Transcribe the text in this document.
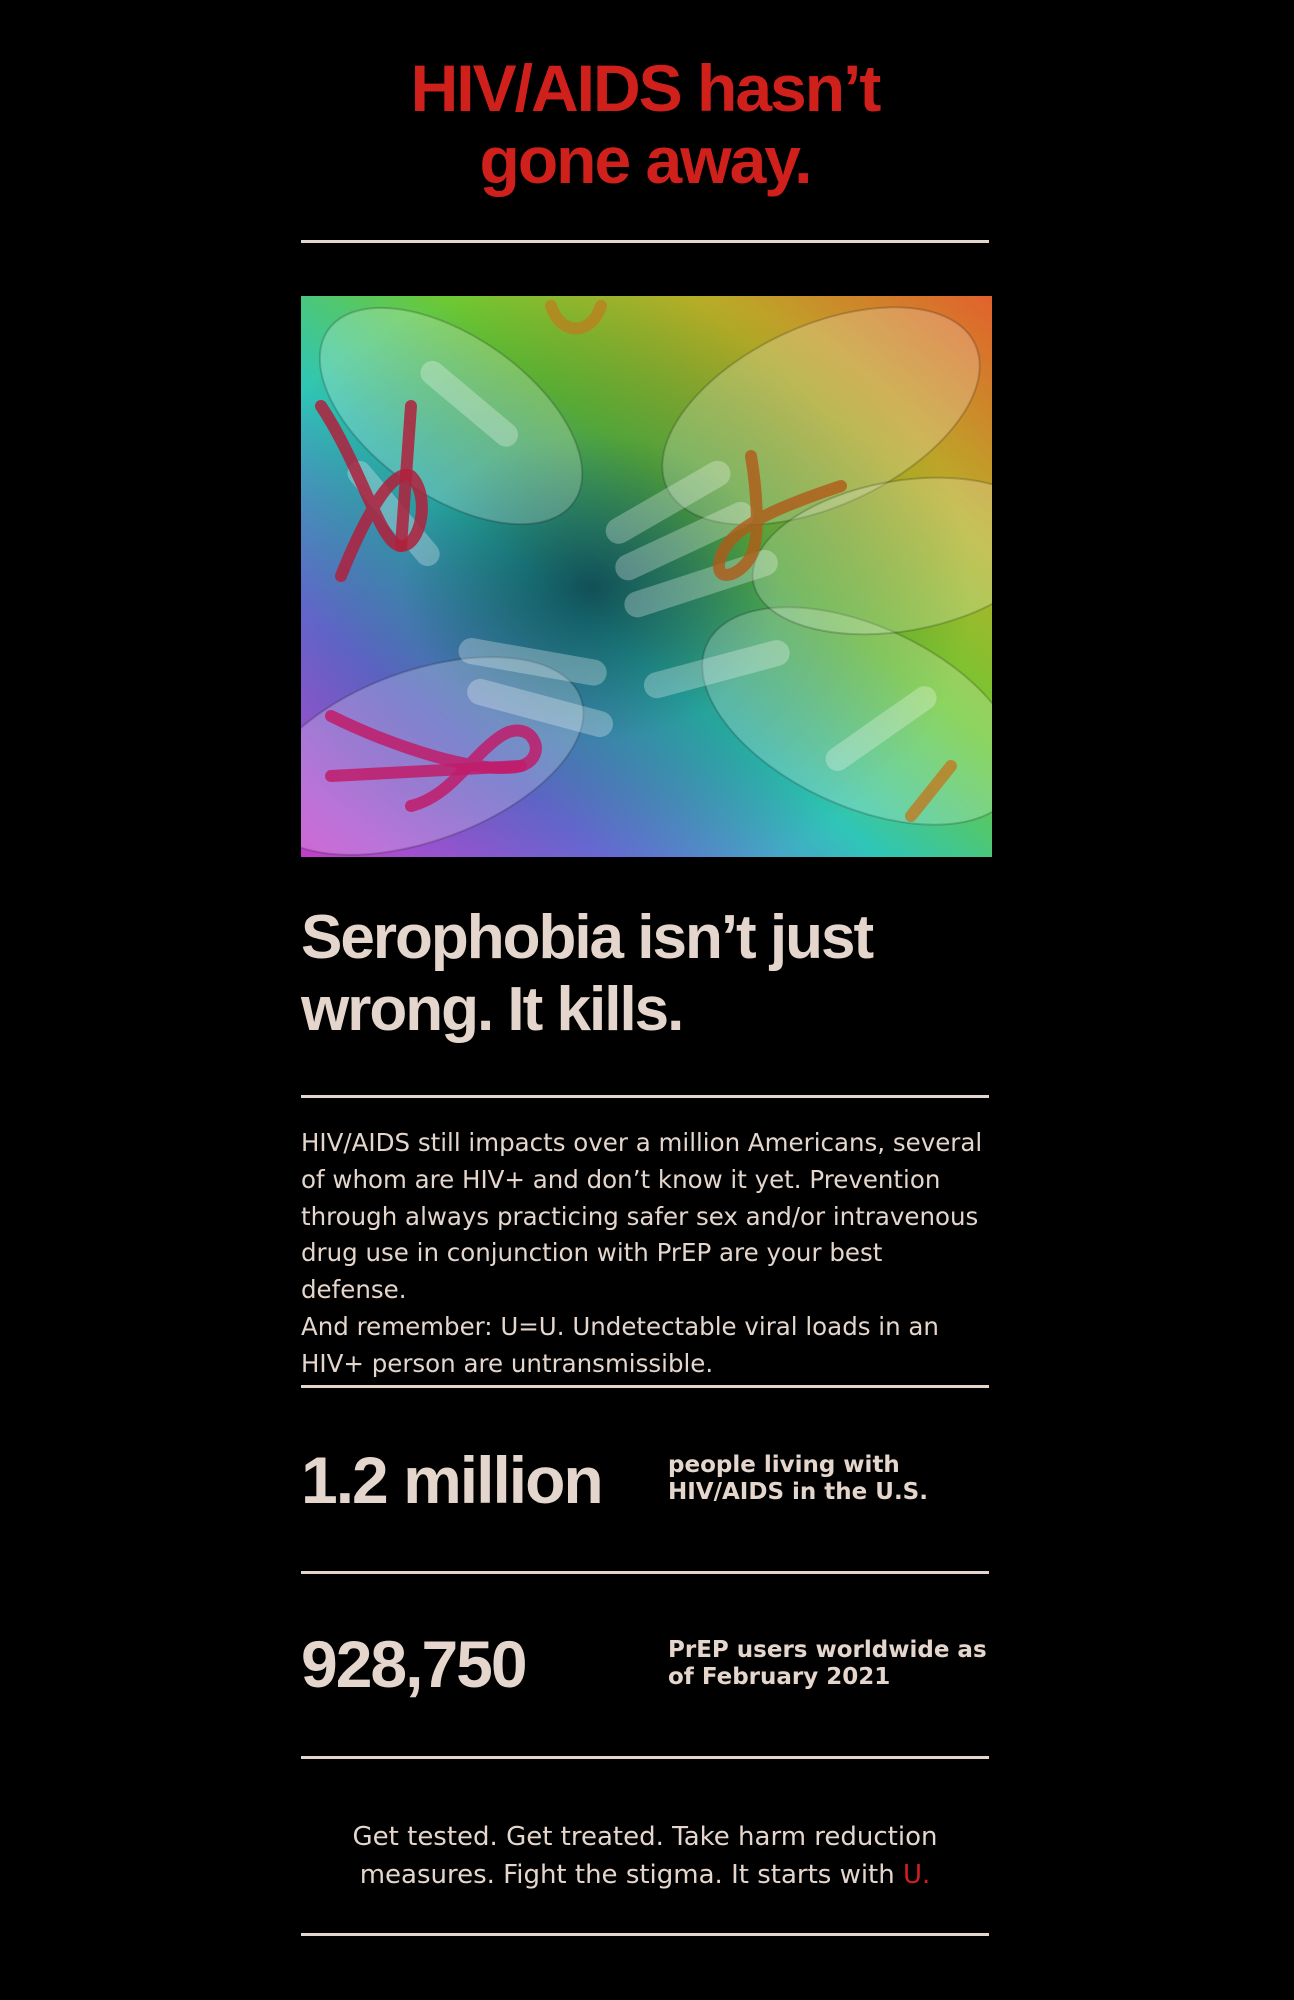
HIV/AIDS hasn’t
gone away.
Serophobia isn’t just
wrong. It kills.
HIV/AIDS still impacts over a million Americans, several
of whom are HIV+ and don’t know it yet. Prevention
through always practicing safer sex and/or intravenous
drug use in conjunction with PrEP are your best defense.
And remember: U=U. Undetectable viral loads in an
HIV+ person are untransmissible.
1.2 million	people living with
HIV/AIDS in the U.S.
928,750	PrEP users worldwide as
of February 2021
Get tested. Get treated. Take harm reduction
measures. Fight the stigma. It starts with U.
